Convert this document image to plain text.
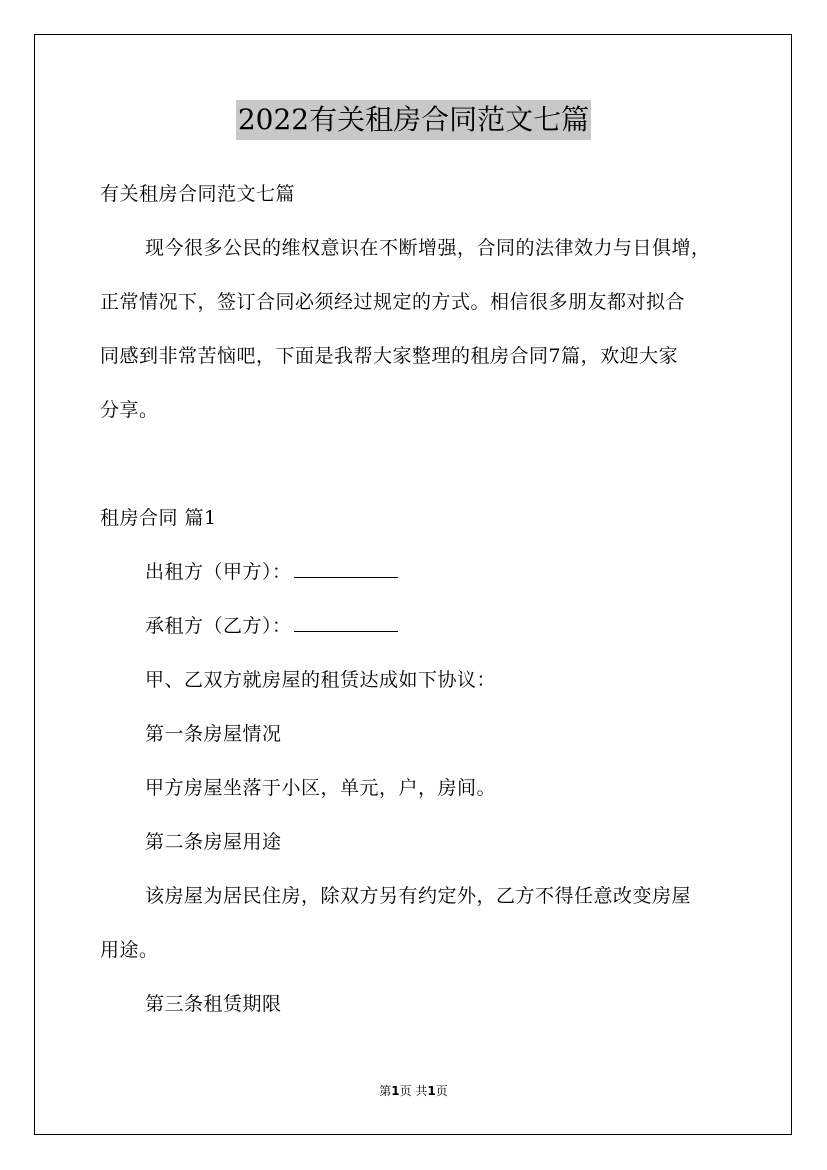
2022有关租房合同范文七篇
有关租房合同范文七篇
现今很多公民的维权意识在不断增强，合同的法律效力与日俱增，
正常情况下，签订合同必须经过规定的方式。相信很多朋友都对拟合
同感到非常苦恼吧，下面是我帮大家整理的租房合同7篇，欢迎大家
分享。
租房合同 篇1
出租方（甲方）：
承租方（乙方）：
甲、乙双方就房屋的租赁达成如下协议：
第一条房屋情况
甲方房屋坐落于小区，单元，户，房间。
第二条房屋用途
该房屋为居民住房，除双方另有约定外，乙方不得任意改变房屋
用途。
第三条租赁期限
第1页 共1页
